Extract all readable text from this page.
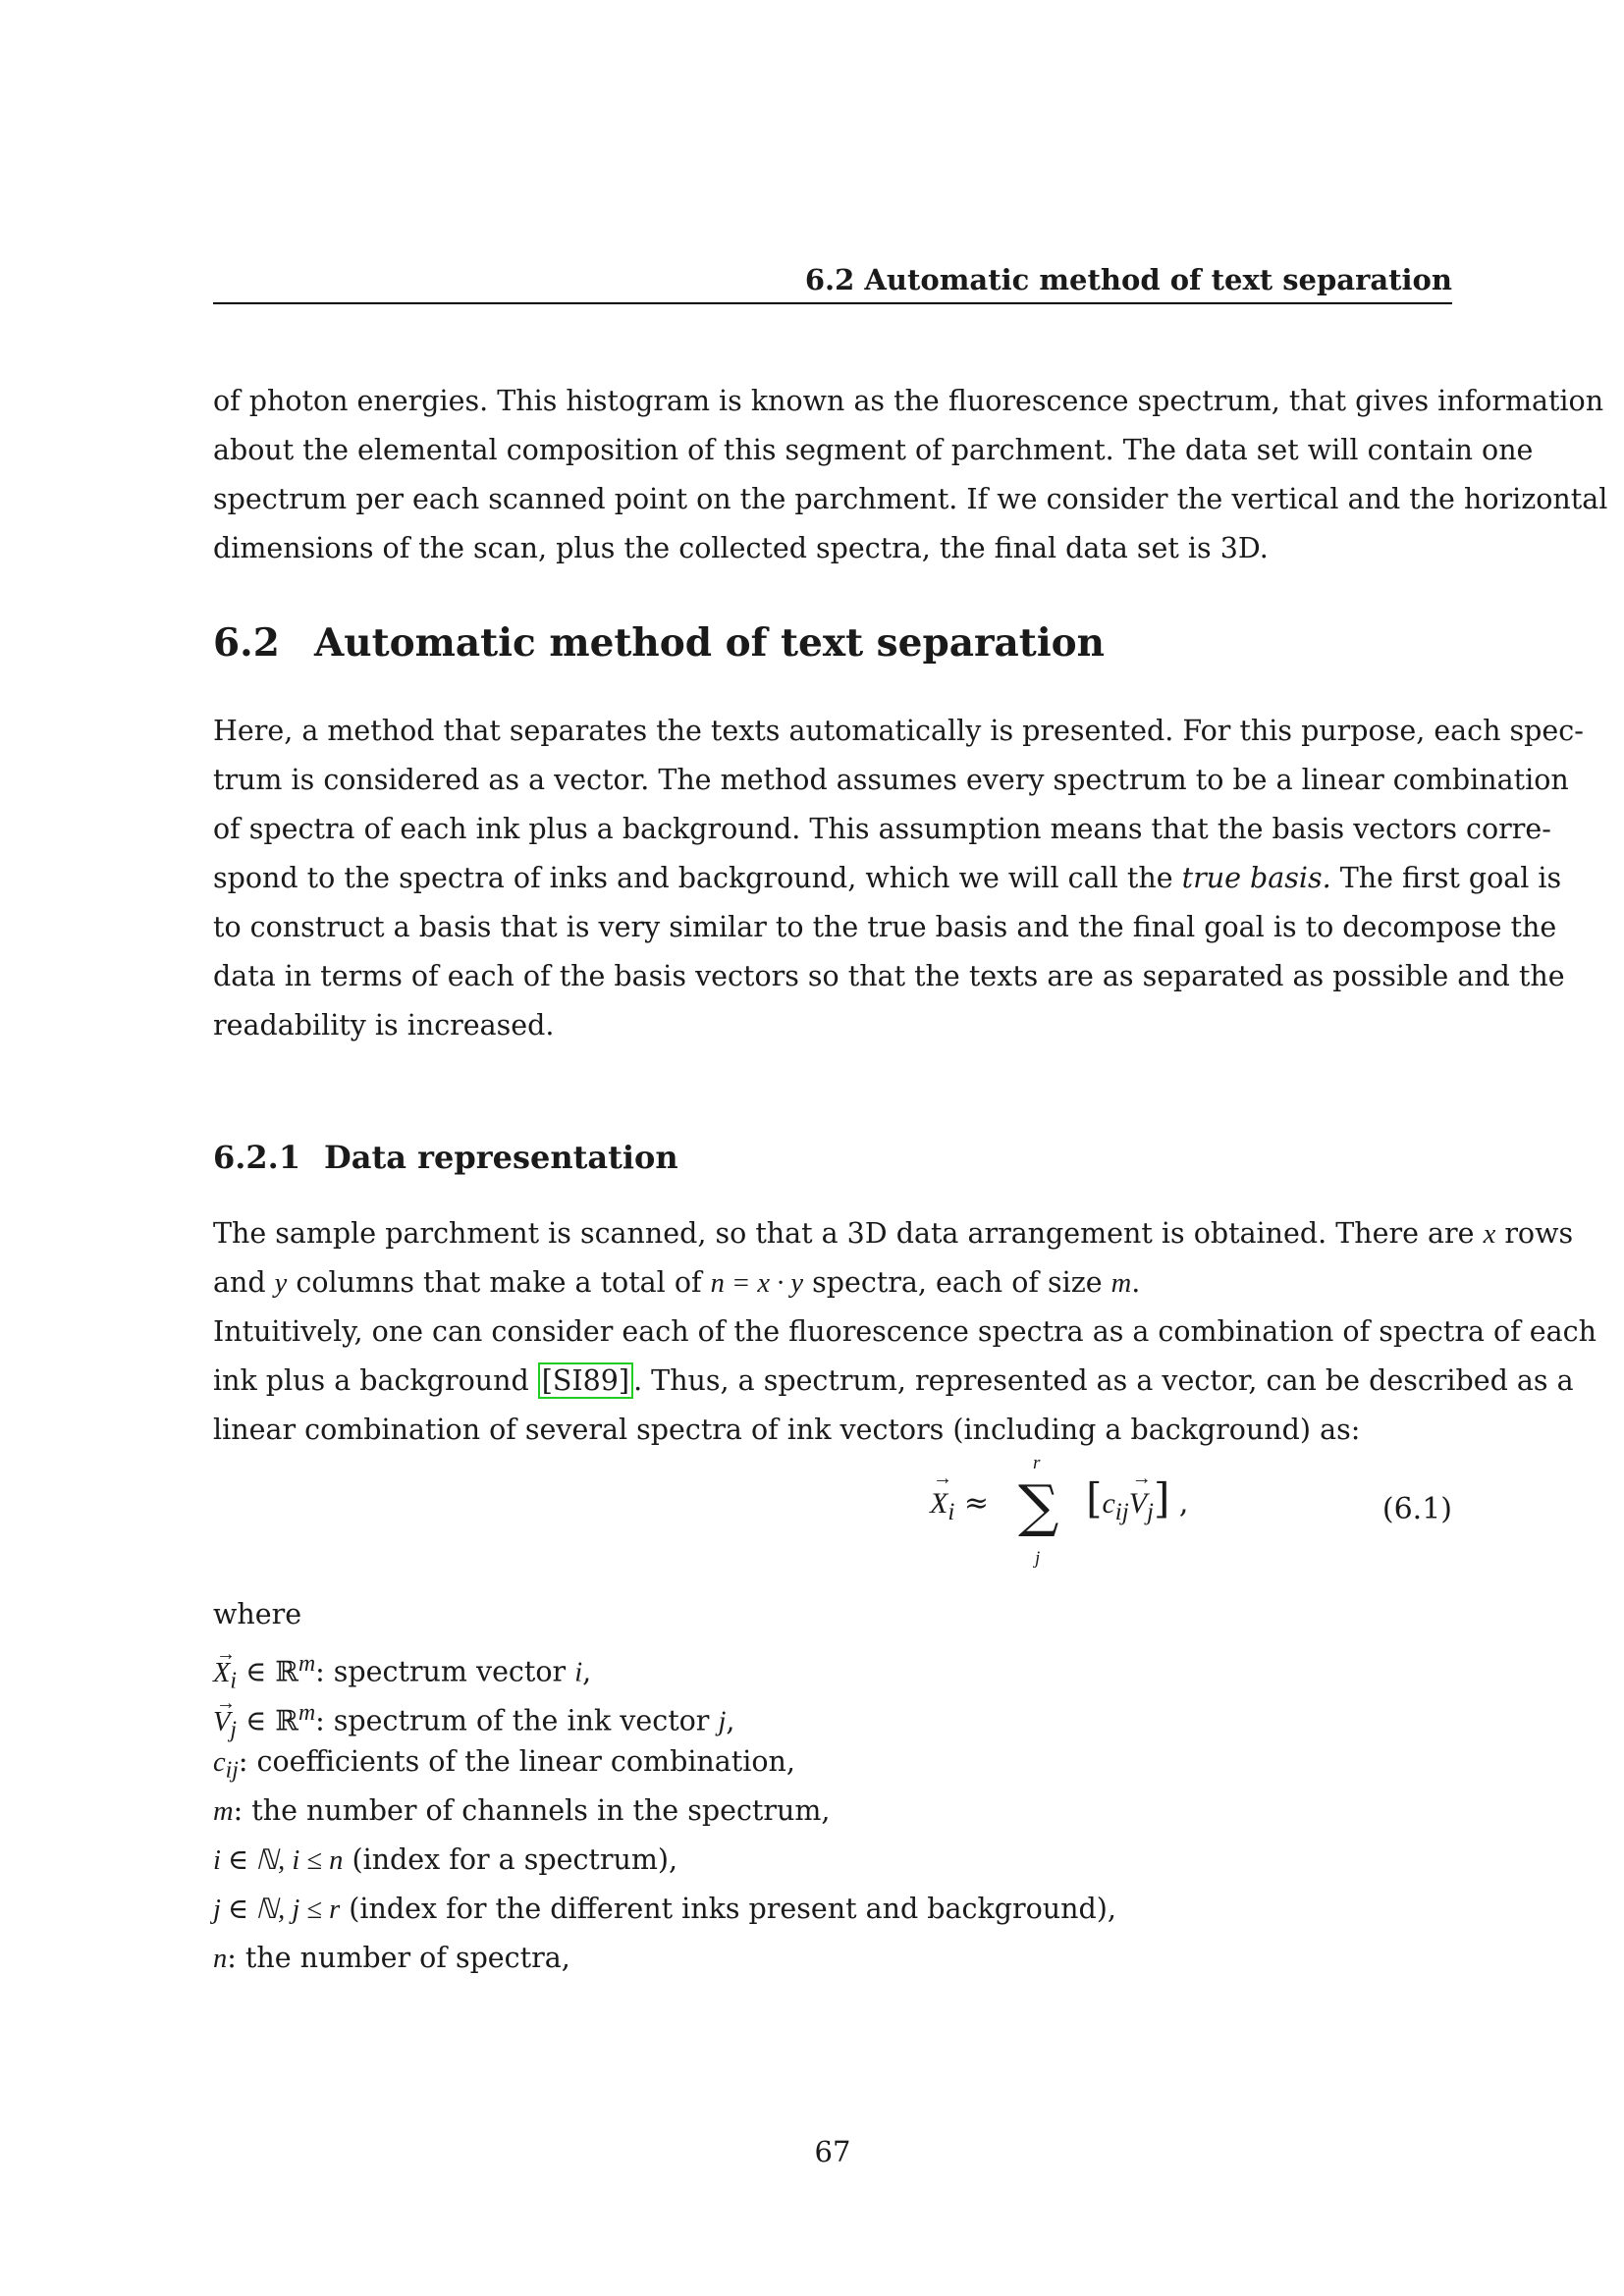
6.2 Automatic method of text separation
of photon energies. This histogram is known as the fluorescence spectrum, that gives information
about the elemental composition of this segment of parchment. The data set will contain one
spectrum per each scanned point on the parchment. If we consider the vertical and the horizontal
dimensions of the scan, plus the collected spectra, the final data set is 3D.
6.2 Automatic method of text separation
Here, a method that separates the texts automatically is presented. For this purpose, each spec-
trum is considered as a vector. The method assumes every spectrum to be a linear combination
of spectra of each ink plus a background. This assumption means that the basis vectors corre-
spond to the spectra of inks and background, which we will call the true basis. The first goal is
to construct a basis that is very similar to the true basis and the final goal is to decompose the
data in terms of each of the basis vectors so that the texts are as separated as possible and the
readability is increased.
6.2.1 Data representation
The sample parchment is scanned, so that a 3D data arrangement is obtained. There are x rows
and y columns that make a total of n = x · y spectra, each of size m.
Intuitively, one can consider each of the fluorescence spectra as a combination of spectra of each
ink plus a background [SI89] . Thus, a spectrum, represented as a vector, can be described as a
linear combination of several spectra of ink vectors (including a background) as:
→ $X_i$ ≈ ∑
r
j
$[c_{ij}\to V_j]$ ,	(6.1)
where
→ $X_i$ ∈ ℝ$^m$: spectrum vector i,
→ $V_j$ ∈ ℝ$^m$: spectrum of the ink vector j,
$c_{ij}$: coefficients of the linear combination,
m: the number of channels in the spectrum,
i ∈ ℕ, i ≤ n (index for a spectrum),
j ∈ ℕ, j ≤ r (index for the different inks present and background),
n: the number of spectra,
67
